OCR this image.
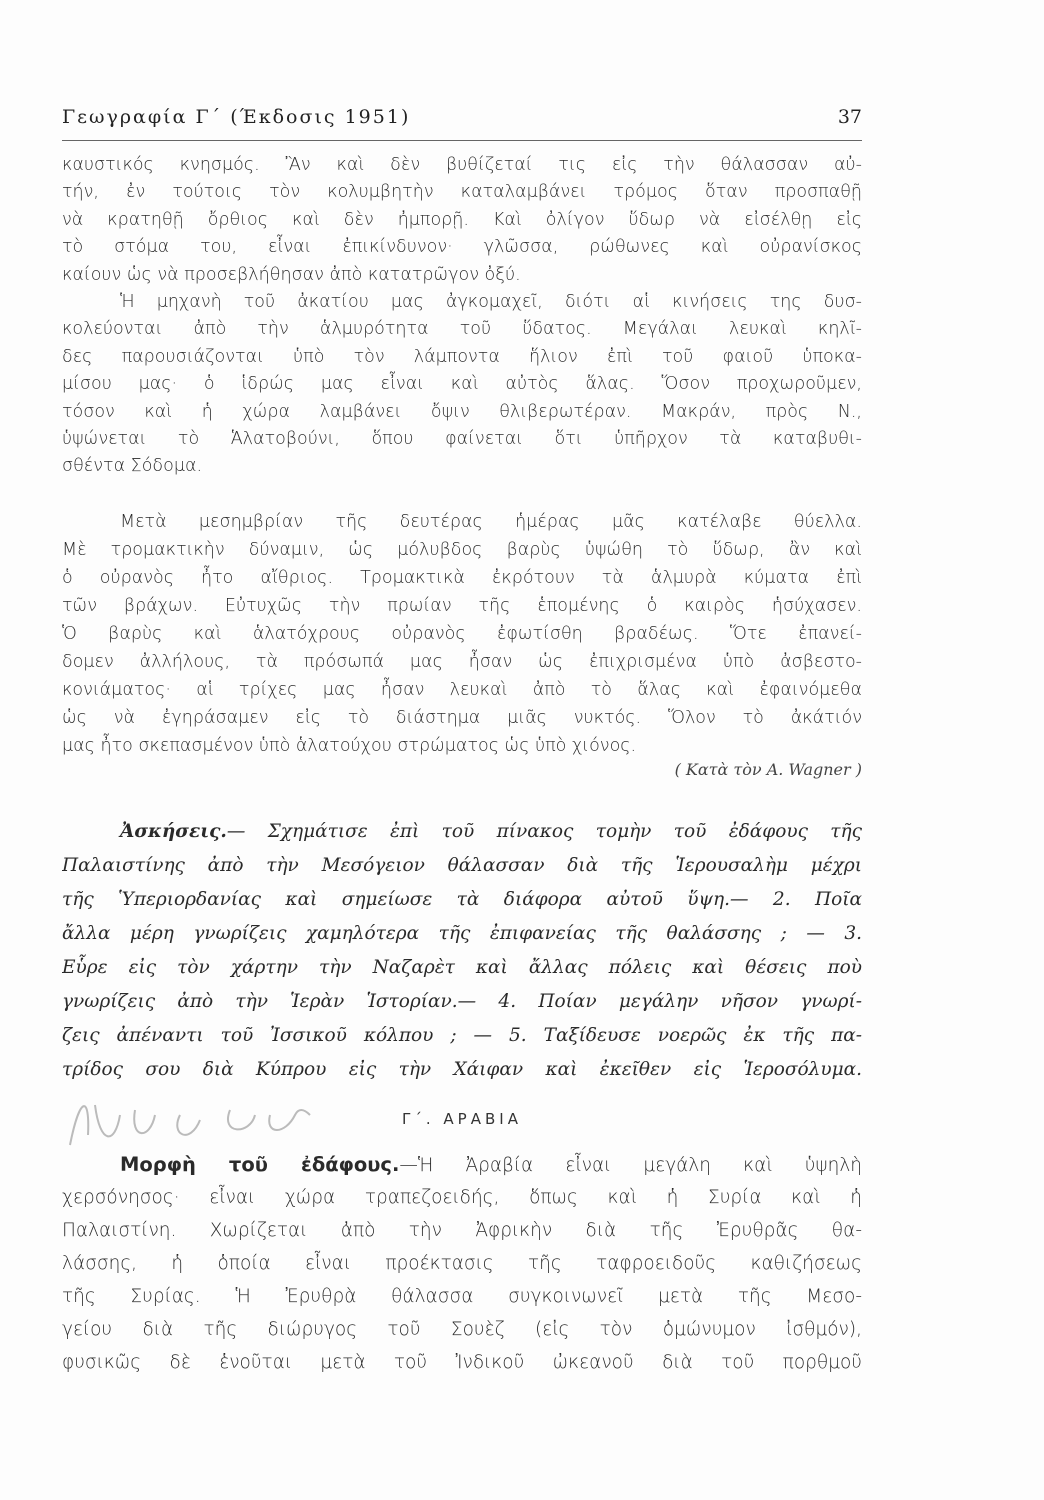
Γεωγραφία Γ΄ (Έκδοσις 1951)	37
καυστικός κνησμός. Ἂν καὶ δὲν βυθίζεταί τις εἰς τὴν θάλασσαν αὐ-
τήν, ἐν τούτοις τὸν κολυμβητὴν καταλαμβάνει τρόμος ὅταν προσπαθῇ
νὰ κρατηθῇ ὄρθιος καὶ δὲν ἠμπορῇ. Καὶ ὀλίγον ὕδωρ νὰ εἰσέλθῃ εἰς
τὸ στόμα του, εἶναι ἐπικίνδυνον· γλῶσσα, ρώθωνες καὶ οὐρανίσκος
καίουν ὡς νὰ προσεβλήθησαν ἀπὸ κατατρῶγον ὀξύ.
Ἡ μηχανὴ τοῦ ἀκατίου μας ἀγκομαχεῖ, διότι αἱ κινήσεις της δυσ-
κολεύονται ἀπὸ τὴν ἁλμυρότητα τοῦ ὕδατος. Μεγάλαι λευκαὶ κηλῖ-
δες παρουσιάζονται ὑπὸ τὸν λάμποντα ἥλιον ἐπὶ τοῦ φαιοῦ ὑποκα-
μίσου μας· ὁ ἱδρώς μας εἶναι καὶ αὐτὸς ἅλας. Ὅσον προχωροῦμεν,
τόσον καὶ ἡ χώρα λαμβάνει ὄψιν θλιβερωτέραν. Μακράν, πρὸς Ν.,
ὑψώνεται τὸ Ἁλατοβούνι, ὅπου φαίνεται ὅτι ὑπῆρχον τὰ καταβυθι-
σθέντα Σόδομα.
Μετὰ μεσημβρίαν τῆς δευτέρας ἡμέρας μᾶς κατέλαβε θύελλα.
Μὲ τρομακτικὴν δύναμιν, ὡς μόλυβδος βαρὺς ὑψώθη τὸ ὕδωρ, ἂν καὶ
ὁ οὐρανὸς ἦτο αἴθριος. Τρομακτικὰ ἐκρότουν τὰ ἁλμυρὰ κύματα ἐπὶ
τῶν βράχων. Εὐτυχῶς τὴν πρωίαν τῆς ἑπομένης ὁ καιρὸς ἡσύχασεν.
Ὁ βαρὺς καὶ ἁλατόχρους οὐρανὸς ἐφωτίσθη βραδέως. Ὅτε ἐπανεί-
δομεν ἀλλήλους, τὰ πρόσωπά μας ἦσαν ὡς ἐπιχρισμένα ὑπὸ ἀσβεστο-
κονιάματος· αἱ τρίχες μας ἦσαν λευκαὶ ἀπὸ τὸ ἅλας καὶ ἐφαινόμεθα
ὡς νὰ ἐγηράσαμεν εἰς τὸ διάστημα μιᾶς νυκτός. Ὅλον τὸ ἀκάτιόν
μας ἦτο σκεπασμένον ὑπὸ ἁλατούχου στρώματος ὡς ὑπὸ χιόνος.
( Κατὰ τὸν Α. Wagner )
Ἀσκήσεις.— Σχημάτισε ἐπὶ τοῦ πίνακος τομὴν τοῦ ἐδάφους τῆς
Παλαιστίνης ἀπὸ τὴν Μεσόγειον θάλασσαν διὰ τῆς Ἱερουσαλὴμ μέχρι
τῆς Ὑπεριορδανίας καὶ σημείωσε τὰ διάφορα αὐτοῦ ὕψη.— 2. Ποῖα
ἄλλα μέρη γνωρίζεις χαμηλότερα τῆς ἐπιφανείας τῆς θαλάσσης ; — 3.
Εὗρε εἰς τὸν χάρτην τὴν Ναζαρὲτ καὶ ἄλλας πόλεις καὶ θέσεις ποὺ
γνωρίζεις ἀπὸ τὴν Ἱερὰν Ἱστορίαν.— 4. Ποίαν μεγάλην νῆσον γνωρί-
ζεις ἀπέναντι τοῦ Ἰσσικοῦ κόλπου ; — 5. Ταξίδευσε νοερῶς ἐκ τῆς πα-
τρίδος σου διὰ Κύπρου εἰς τὴν Χάιφαν καὶ ἐκεῖθεν εἰς Ἱεροσόλυμα.
Γ΄. ΑΡΑΒΙΑ
Μορφὴ τοῦ ἐδάφους.—Ἡ Ἀραβία εἶναι μεγάλη καὶ ὑψηλὴ
χερσόνησος· εἶναι χώρα τραπεζοειδής, ὅπως καὶ ἡ Συρία καὶ ἡ
Παλαιστίνη. Χωρίζεται ἀπὸ τὴν Ἀφρικὴν διὰ τῆς Ἐρυθρᾶς θα-
λάσσης, ἡ ὁποία εἶναι προέκτασις τῆς ταφροειδοῦς καθιζήσεως
τῆς Συρίας. Ἡ Ἐρυθρὰ θάλασσα συγκοινωνεῖ μετὰ τῆς Μεσο-
γείου διὰ τῆς διώρυγος τοῦ Σουὲζ (εἰς τὸν ὁμώνυμον ἰσθμόν),
φυσικῶς δὲ ἑνοῦται μετὰ τοῦ Ἰνδικοῦ ὠκεανοῦ διὰ τοῦ πορθμοῦ
